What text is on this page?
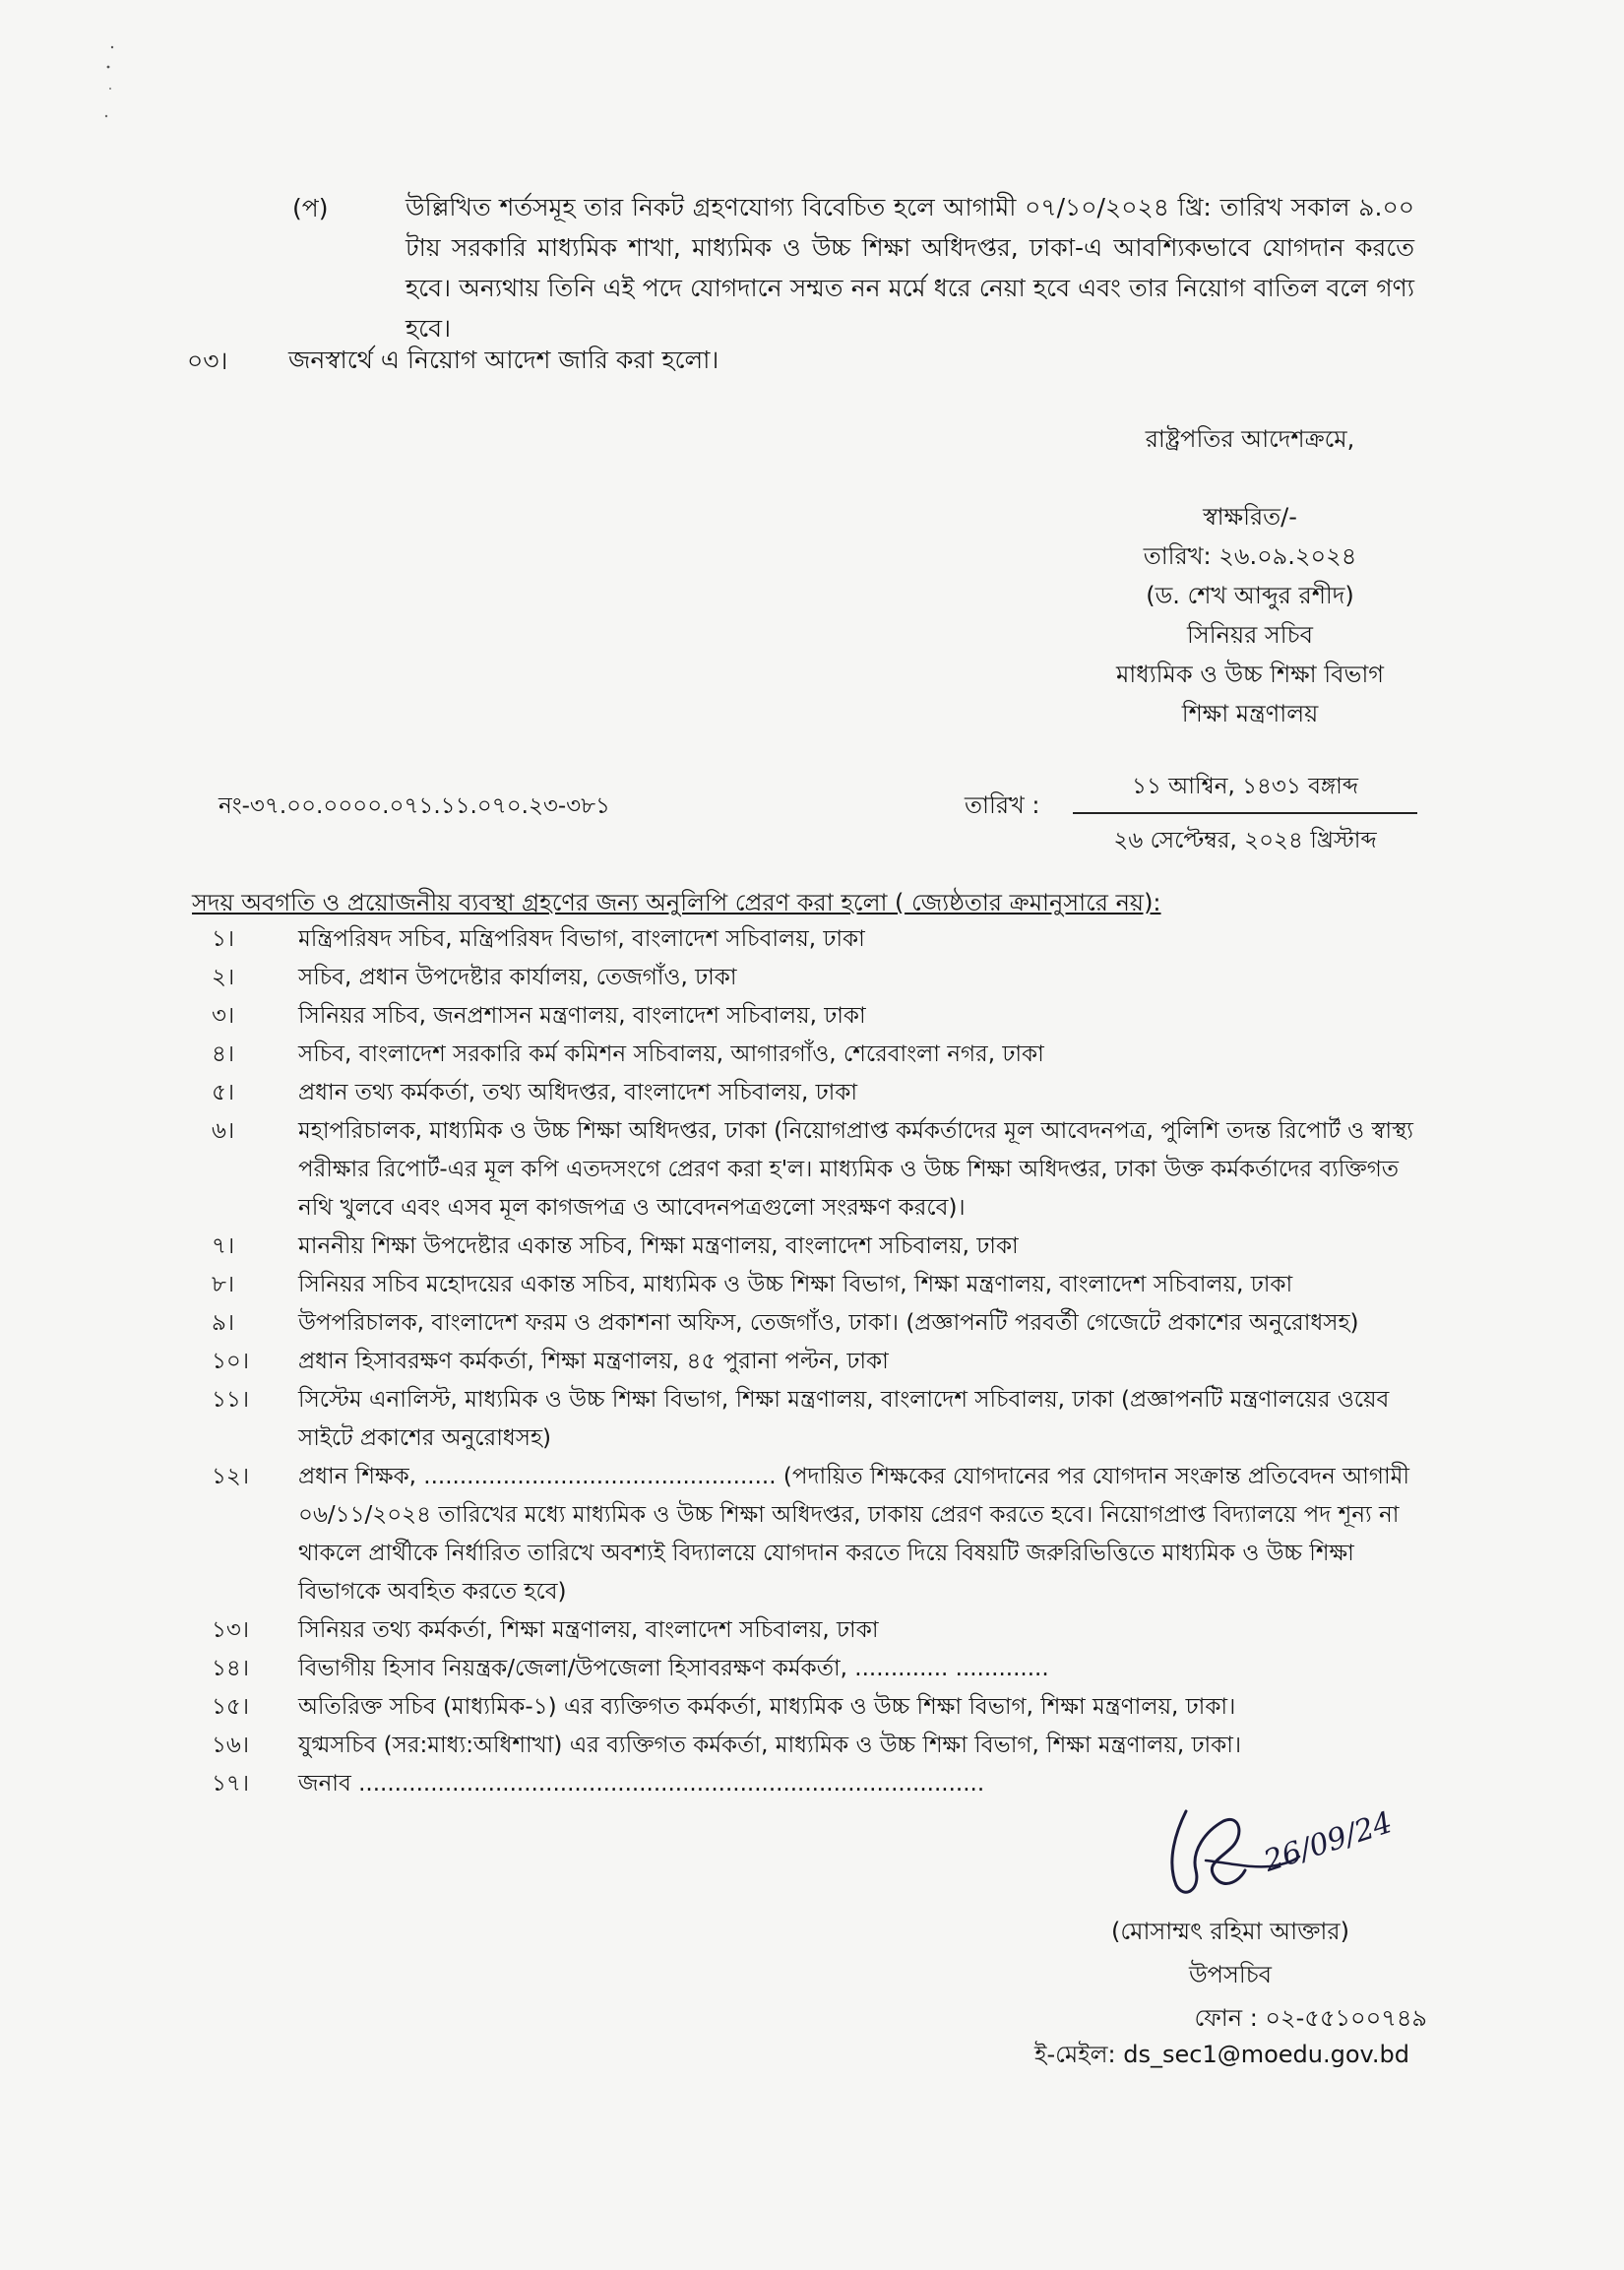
(প)	উল্লিখিত শর্তসমূহ তার নিকট গ্রহণযোগ্য বিবেচিত হলে আগামী ০৭/১০/২০২৪ খ্রি: তারিখ সকাল ৯.০০ টায় সরকারি মাধ্যমিক শাখা, মাধ্যমিক ও উচ্চ শিক্ষা অধিদপ্তর, ঢাকা-এ আবশ্যিকভাবে যোগদান করতে হবে। অন্যথায় তিনি এই পদে যোগদানে সম্মত নন মর্মে ধরে নেয়া হবে এবং তার নিয়োগ বাতিল বলে গণ্য হবে।
০৩। জনস্বার্থে এ নিয়োগ আদেশ জারি করা হলো।
রাষ্ট্রপতির আদেশক্রমে,
স্বাক্ষরিত/-
তারিখ: ২৬.০৯.২০২৪
(ড. শেখ আব্দুর রশীদ)
সিনিয়র সচিব
মাধ্যমিক ও উচ্চ শিক্ষা বিভাগ
শিক্ষা মন্ত্রণালয়
নং-৩৭.০০.০০০০.০৭১.১১.০৭০.২৩-৩৮১	তারিখ :
১১ আশ্বিন, ১৪৩১ বঙ্গাব্দ
২৬ সেপ্টেম্বর, ২০২৪ খ্রিস্টাব্দ
সদয় অবগতি ও প্রয়োজনীয় ব্যবস্থা গ্রহণের জন্য অনুলিপি প্রেরণ করা হলো ( জ্যেষ্ঠতার ক্রমানুসারে নয়):
১।	মন্ত্রিপরিষদ সচিব, মন্ত্রিপরিষদ বিভাগ, বাংলাদেশ সচিবালয়, ঢাকা
২।	সচিব, প্রধান উপদেষ্টার কার্যালয়, তেজগাঁও, ঢাকা
৩।	সিনিয়র সচিব, জনপ্রশাসন মন্ত্রণালয়, বাংলাদেশ সচিবালয়, ঢাকা
৪।	সচিব, বাংলাদেশ সরকারি কর্ম কমিশন সচিবালয়, আগারগাঁও, শেরেবাংলা নগর, ঢাকা
৫।	প্রধান তথ্য কর্মকর্তা, তথ্য অধিদপ্তর, বাংলাদেশ সচিবালয়, ঢাকা
৬।	মহাপরিচালক, মাধ্যমিক ও উচ্চ শিক্ষা অধিদপ্তর, ঢাকা (নিয়োগপ্রাপ্ত কর্মকর্তাদের মূল আবেদনপত্র, পুলিশি তদন্ত রিপোর্ট ও স্বাস্থ্য পরীক্ষার রিপোর্ট-এর মূল কপি এতদসংগে প্রেরণ করা হ'ল। মাধ্যমিক ও উচ্চ শিক্ষা অধিদপ্তর, ঢাকা উক্ত কর্মকর্তাদের ব্যক্তিগত নথি খুলবে এবং এসব মূল কাগজপত্র ও আবেদনপত্রগুলো সংরক্ষণ করবে)।
৭।	মাননীয় শিক্ষা উপদেষ্টার একান্ত সচিব, শিক্ষা মন্ত্রণালয়, বাংলাদেশ সচিবালয়, ঢাকা
৮।	সিনিয়র সচিব মহোদয়ের একান্ত সচিব, মাধ্যমিক ও উচ্চ শিক্ষা বিভাগ, শিক্ষা মন্ত্রণালয়, বাংলাদেশ সচিবালয়, ঢাকা
৯।	উপপরিচালক, বাংলাদেশ ফরম ও প্রকাশনা অফিস, তেজগাঁও, ঢাকা। (প্রজ্ঞাপনটি পরবর্তী গেজেটে প্রকাশের অনুরোধসহ)
১০।	প্রধান হিসাবরক্ষণ কর্মকর্তা, শিক্ষা মন্ত্রণালয়, ৪৫ পুরানা পল্টন, ঢাকা
১১।	সিস্টেম এনালিস্ট, মাধ্যমিক ও উচ্চ শিক্ষা বিভাগ, শিক্ষা মন্ত্রণালয়, বাংলাদেশ সচিবালয়, ঢাকা (প্রজ্ঞাপনটি মন্ত্রণালয়ের ওয়েব সাইটে প্রকাশের অনুরোধসহ)
১২।	প্রধান শিক্ষক, ................................................. (পদায়িত শিক্ষকের যোগদানের পর যোগদান সংক্রান্ত প্রতিবেদন আগামী ০৬/১১/২০২৪ তারিখের মধ্যে মাধ্যমিক ও উচ্চ শিক্ষা অধিদপ্তর, ঢাকায় প্রেরণ করতে হবে। নিয়োগপ্রাপ্ত বিদ্যালয়ে পদ শূন্য না থাকলে প্রার্থীকে নির্ধারিত তারিখে অবশ্যই বিদ্যালয়ে যোগদান করতে দিয়ে বিষয়টি জরুরিভিত্তিতে মাধ্যমিক ও উচ্চ শিক্ষা বিভাগকে অবহিত করতে হবে)
১৩।	সিনিয়র তথ্য কর্মকর্তা, শিক্ষা মন্ত্রণালয়, বাংলাদেশ সচিবালয়, ঢাকা
১৪।	বিভাগীয় হিসাব নিয়ন্ত্রক/জেলা/উপজেলা হিসাবরক্ষণ কর্মকর্তা, ............. .............
১৫।	অতিরিক্ত সচিব (মাধ্যমিক-১) এর ব্যক্তিগত কর্মকর্তা, মাধ্যমিক ও উচ্চ শিক্ষা বিভাগ, শিক্ষা মন্ত্রণালয়, ঢাকা।
১৬।	যুগ্মসচিব (সর:মাধ্য:অধিশাখা) এর ব্যক্তিগত কর্মকর্তা, মাধ্যমিক ও উচ্চ শিক্ষা বিভাগ, শিক্ষা মন্ত্রণালয়, ঢাকা।
১৭।	জনাব .......................................................................................
26/09/24
(মোসাম্মৎ রহিমা আক্তার)
উপসচিব
ফোন : ০২-৫৫১০০৭৪৯
ই-মেইল: ds_sec1@moedu.gov.bd
